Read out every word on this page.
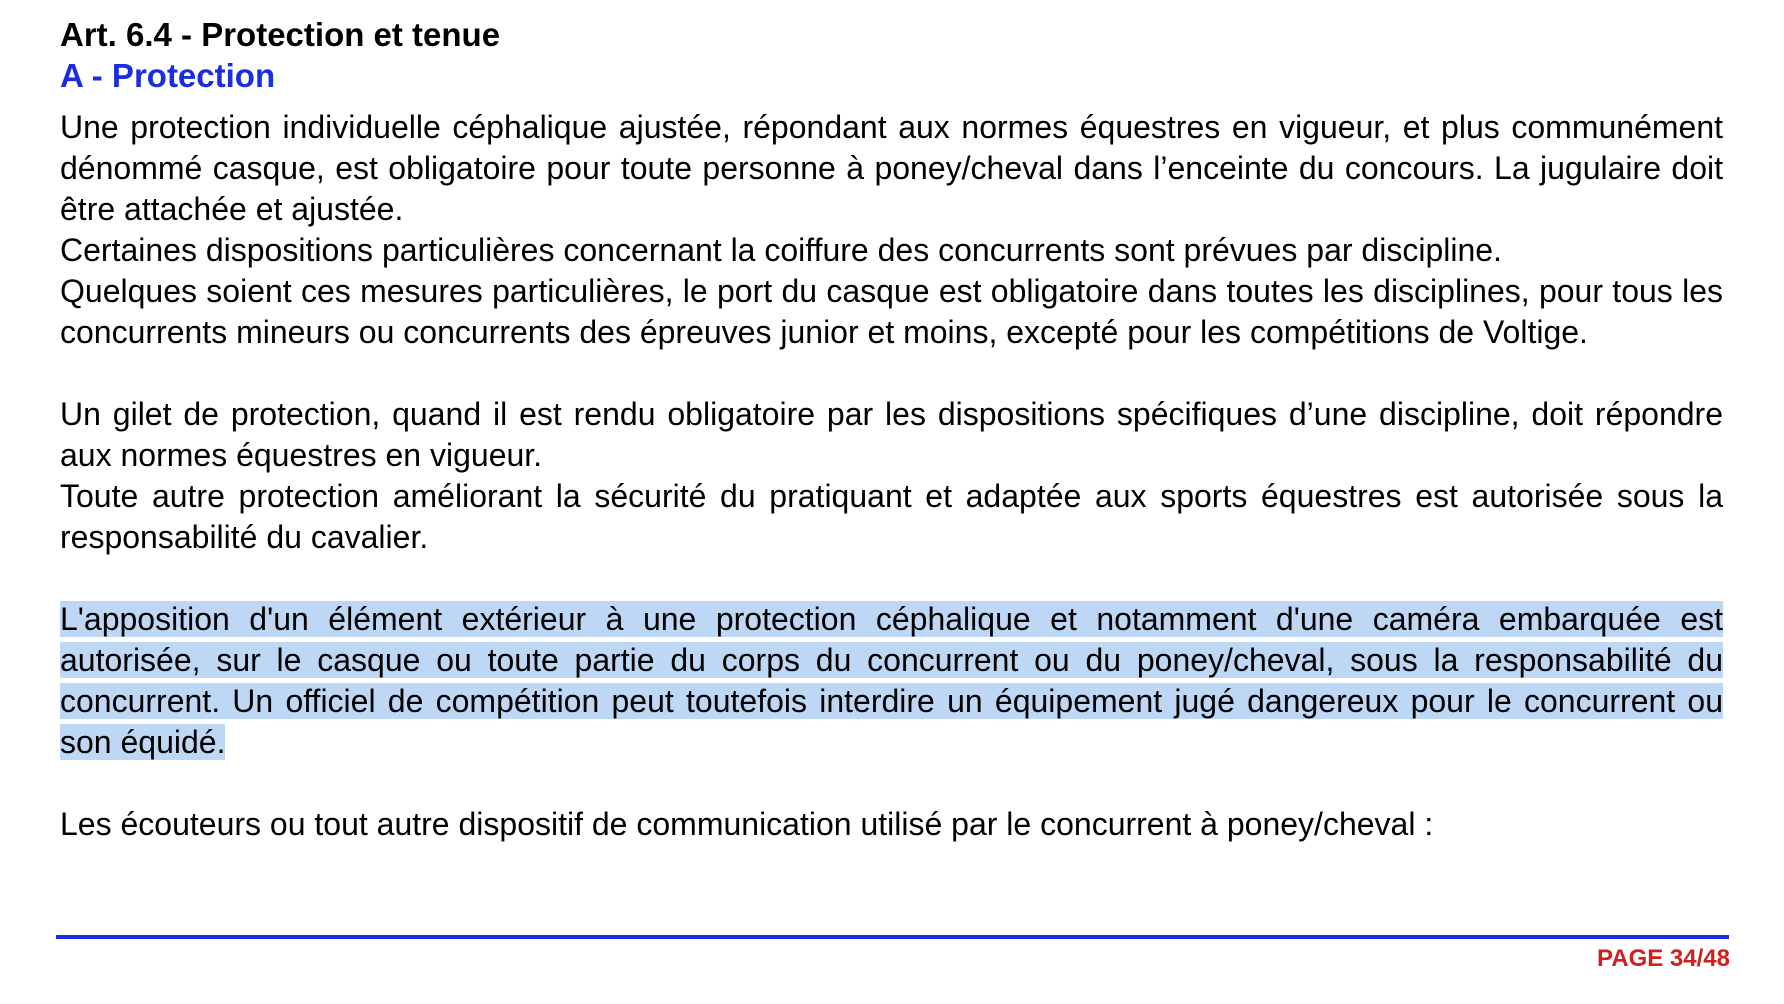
Art. 6.4 - Protection et tenue
A - Protection

Une protection individuelle céphalique ajustée, répondant aux normes équestres en vigueur, et plus communément dénommé casque, est obligatoire pour toute personne à poney/cheval dans l’enceinte du concours. La jugulaire doit être attachée et ajustée.

Certaines dispositions particulières concernant la coiffure des concurrents sont prévues par discipline.

Quelques soient ces mesures particulières, le port du casque est obligatoire dans toutes les disciplines, pour tous les concurrents mineurs ou concurrents des épreuves junior et moins, excepté pour les compétitions de Voltige.

Un gilet de protection, quand il est rendu obligatoire par les dispositions spécifiques d’une discipline, doit répondre aux normes équestres en vigueur.

Toute autre protection améliorant la sécurité du pratiquant et adaptée aux sports équestres est autorisée sous la responsabilité du cavalier.

L'apposition d'un élément extérieur à une protection céphalique et notamment d'une caméra embarquée est autorisée, sur le casque ou toute partie du corps du concurrent ou du poney/cheval, sous la responsabilité du concurrent. Un officiel de compétition peut toutefois interdire un équipement jugé dangereux pour le concurrent ou son équidé.

Les écouteurs ou tout autre dispositif de communication utilisé par le concurrent à poney/cheval :

PAGE 34/48
